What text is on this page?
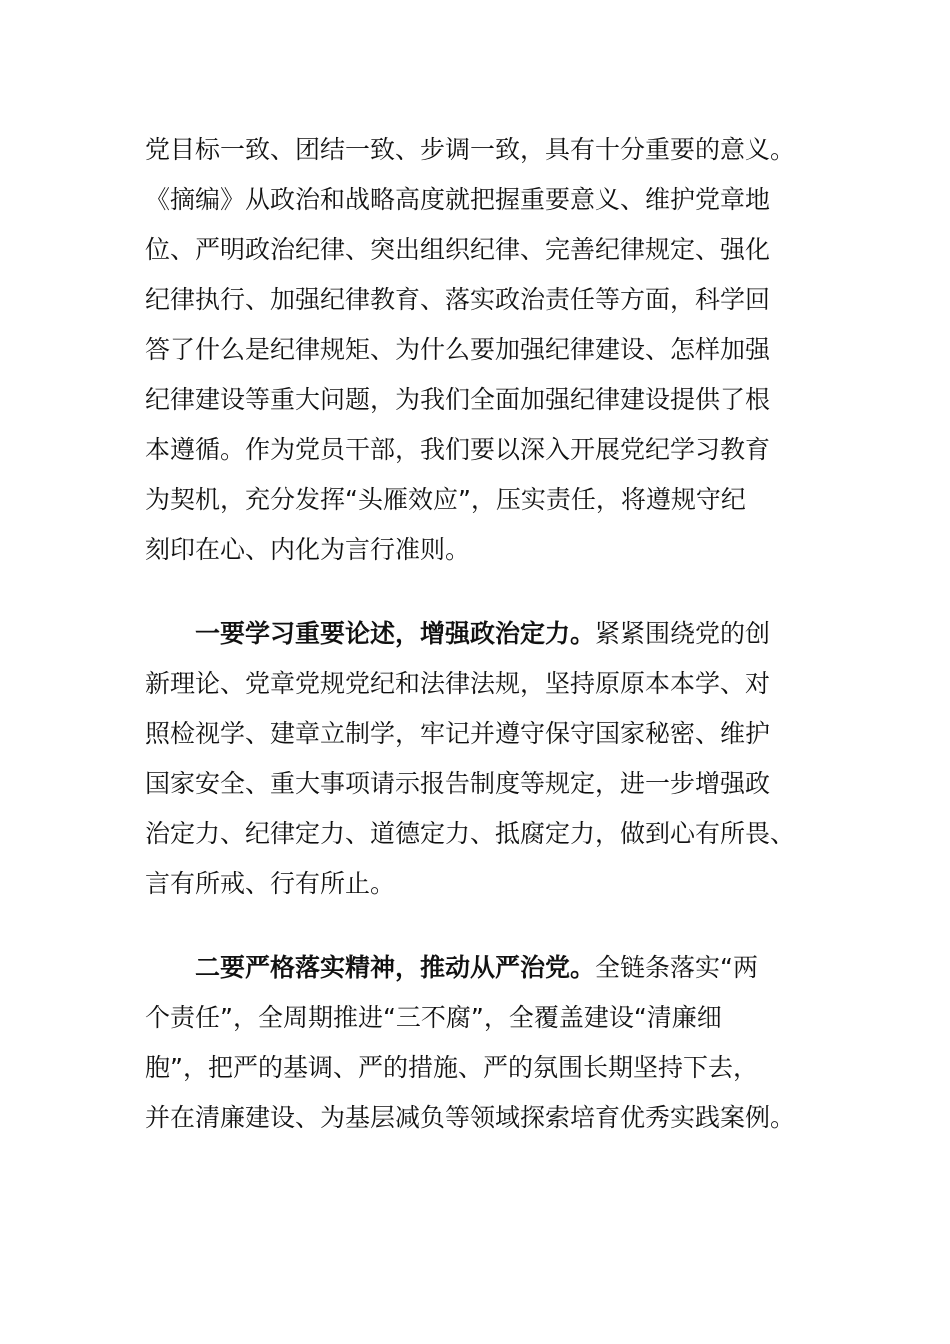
党目标一致、团结一致、步调一致，具有十分重要的意义。
《摘编》从政治和战略高度就把握重要意义、维护党章地
位、严明政治纪律、突出组织纪律、完善纪律规定、强化
纪律执行、加强纪律教育、落实政治责任等方面，科学回
答了什么是纪律规矩、为什么要加强纪律建设、怎样加强
纪律建设等重大问题，为我们全面加强纪律建设提供了根
本遵循。作为党员干部，我们要以深入开展党纪学习教育
为契机，充分发挥“头雁效应”，压实责任，将遵规守纪
刻印在心、内化为言行准则。
一要学习重要论述，增强政治定力。紧紧围绕党的创
新理论、党章党规党纪和法律法规，坚持原原本本学、对
照检视学、建章立制学，牢记并遵守保守国家秘密、维护
国家安全、重大事项请示报告制度等规定，进一步增强政
治定力、纪律定力、道德定力、抵腐定力，做到心有所畏、
言有所戒、行有所止。
二要严格落实精神，推动从严治党。全链条落实“两
个责任”，全周期推进“三不腐”，全覆盖建设“清廉细
胞”，把严的基调、严的措施、严的氛围长期坚持下去，
并在清廉建设、为基层减负等领域探索培育优秀实践案例。
